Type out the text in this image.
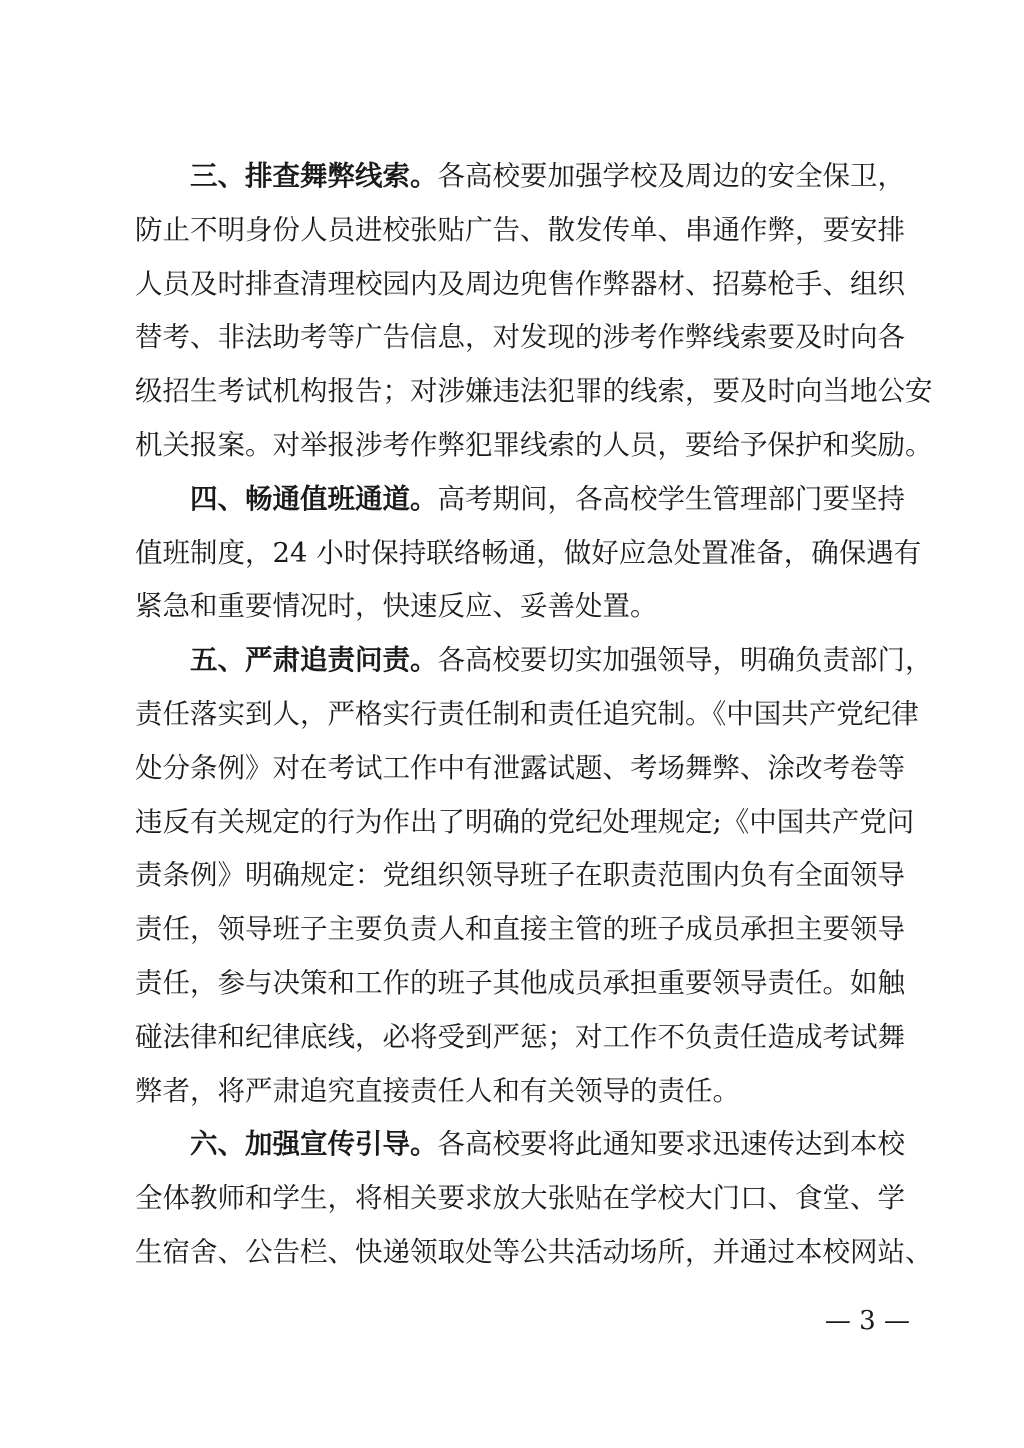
三、排查舞弊线索。各高校要加强学校及周边的安全保卫，
防止不明身份人员进校张贴广告、散发传单、串通作弊，要安排
人员及时排查清理校园内及周边兜售作弊器材、招募枪手、组织
替考、非法助考等广告信息，对发现的涉考作弊线索要及时向各
级招生考试机构报告；对涉嫌违法犯罪的线索，要及时向当地公安
机关报案。对举报涉考作弊犯罪线索的人员，要给予保护和奖励。
四、畅通值班通道。高考期间，各高校学生管理部门要坚持
值班制度，24 小时保持联络畅通，做好应急处置准备，确保遇有
紧急和重要情况时，快速反应、妥善处置。
五、严肃追责问责。各高校要切实加强领导，明确负责部门，
责任落实到人，严格实行责任制和责任追究制。《中国共产党纪律
处分条例》对在考试工作中有泄露试题、考场舞弊、涂改考卷等
违反有关规定的行为作出了明确的党纪处理规定;《中国共产党问
责条例》明确规定：党组织领导班子在职责范围内负有全面领导
责任，领导班子主要负责人和直接主管的班子成员承担主要领导
责任，参与决策和工作的班子其他成员承担重要领导责任。如触
碰法律和纪律底线，必将受到严惩；对工作不负责任造成考试舞
弊者，将严肃追究直接责任人和有关领导的责任。
六、加强宣传引导。各高校要将此通知要求迅速传达到本校
全体教师和学生，将相关要求放大张贴在学校大门口、食堂、学
生宿舍、公告栏、快递领取处等公共活动场所，并通过本校网站、
— 3 —
